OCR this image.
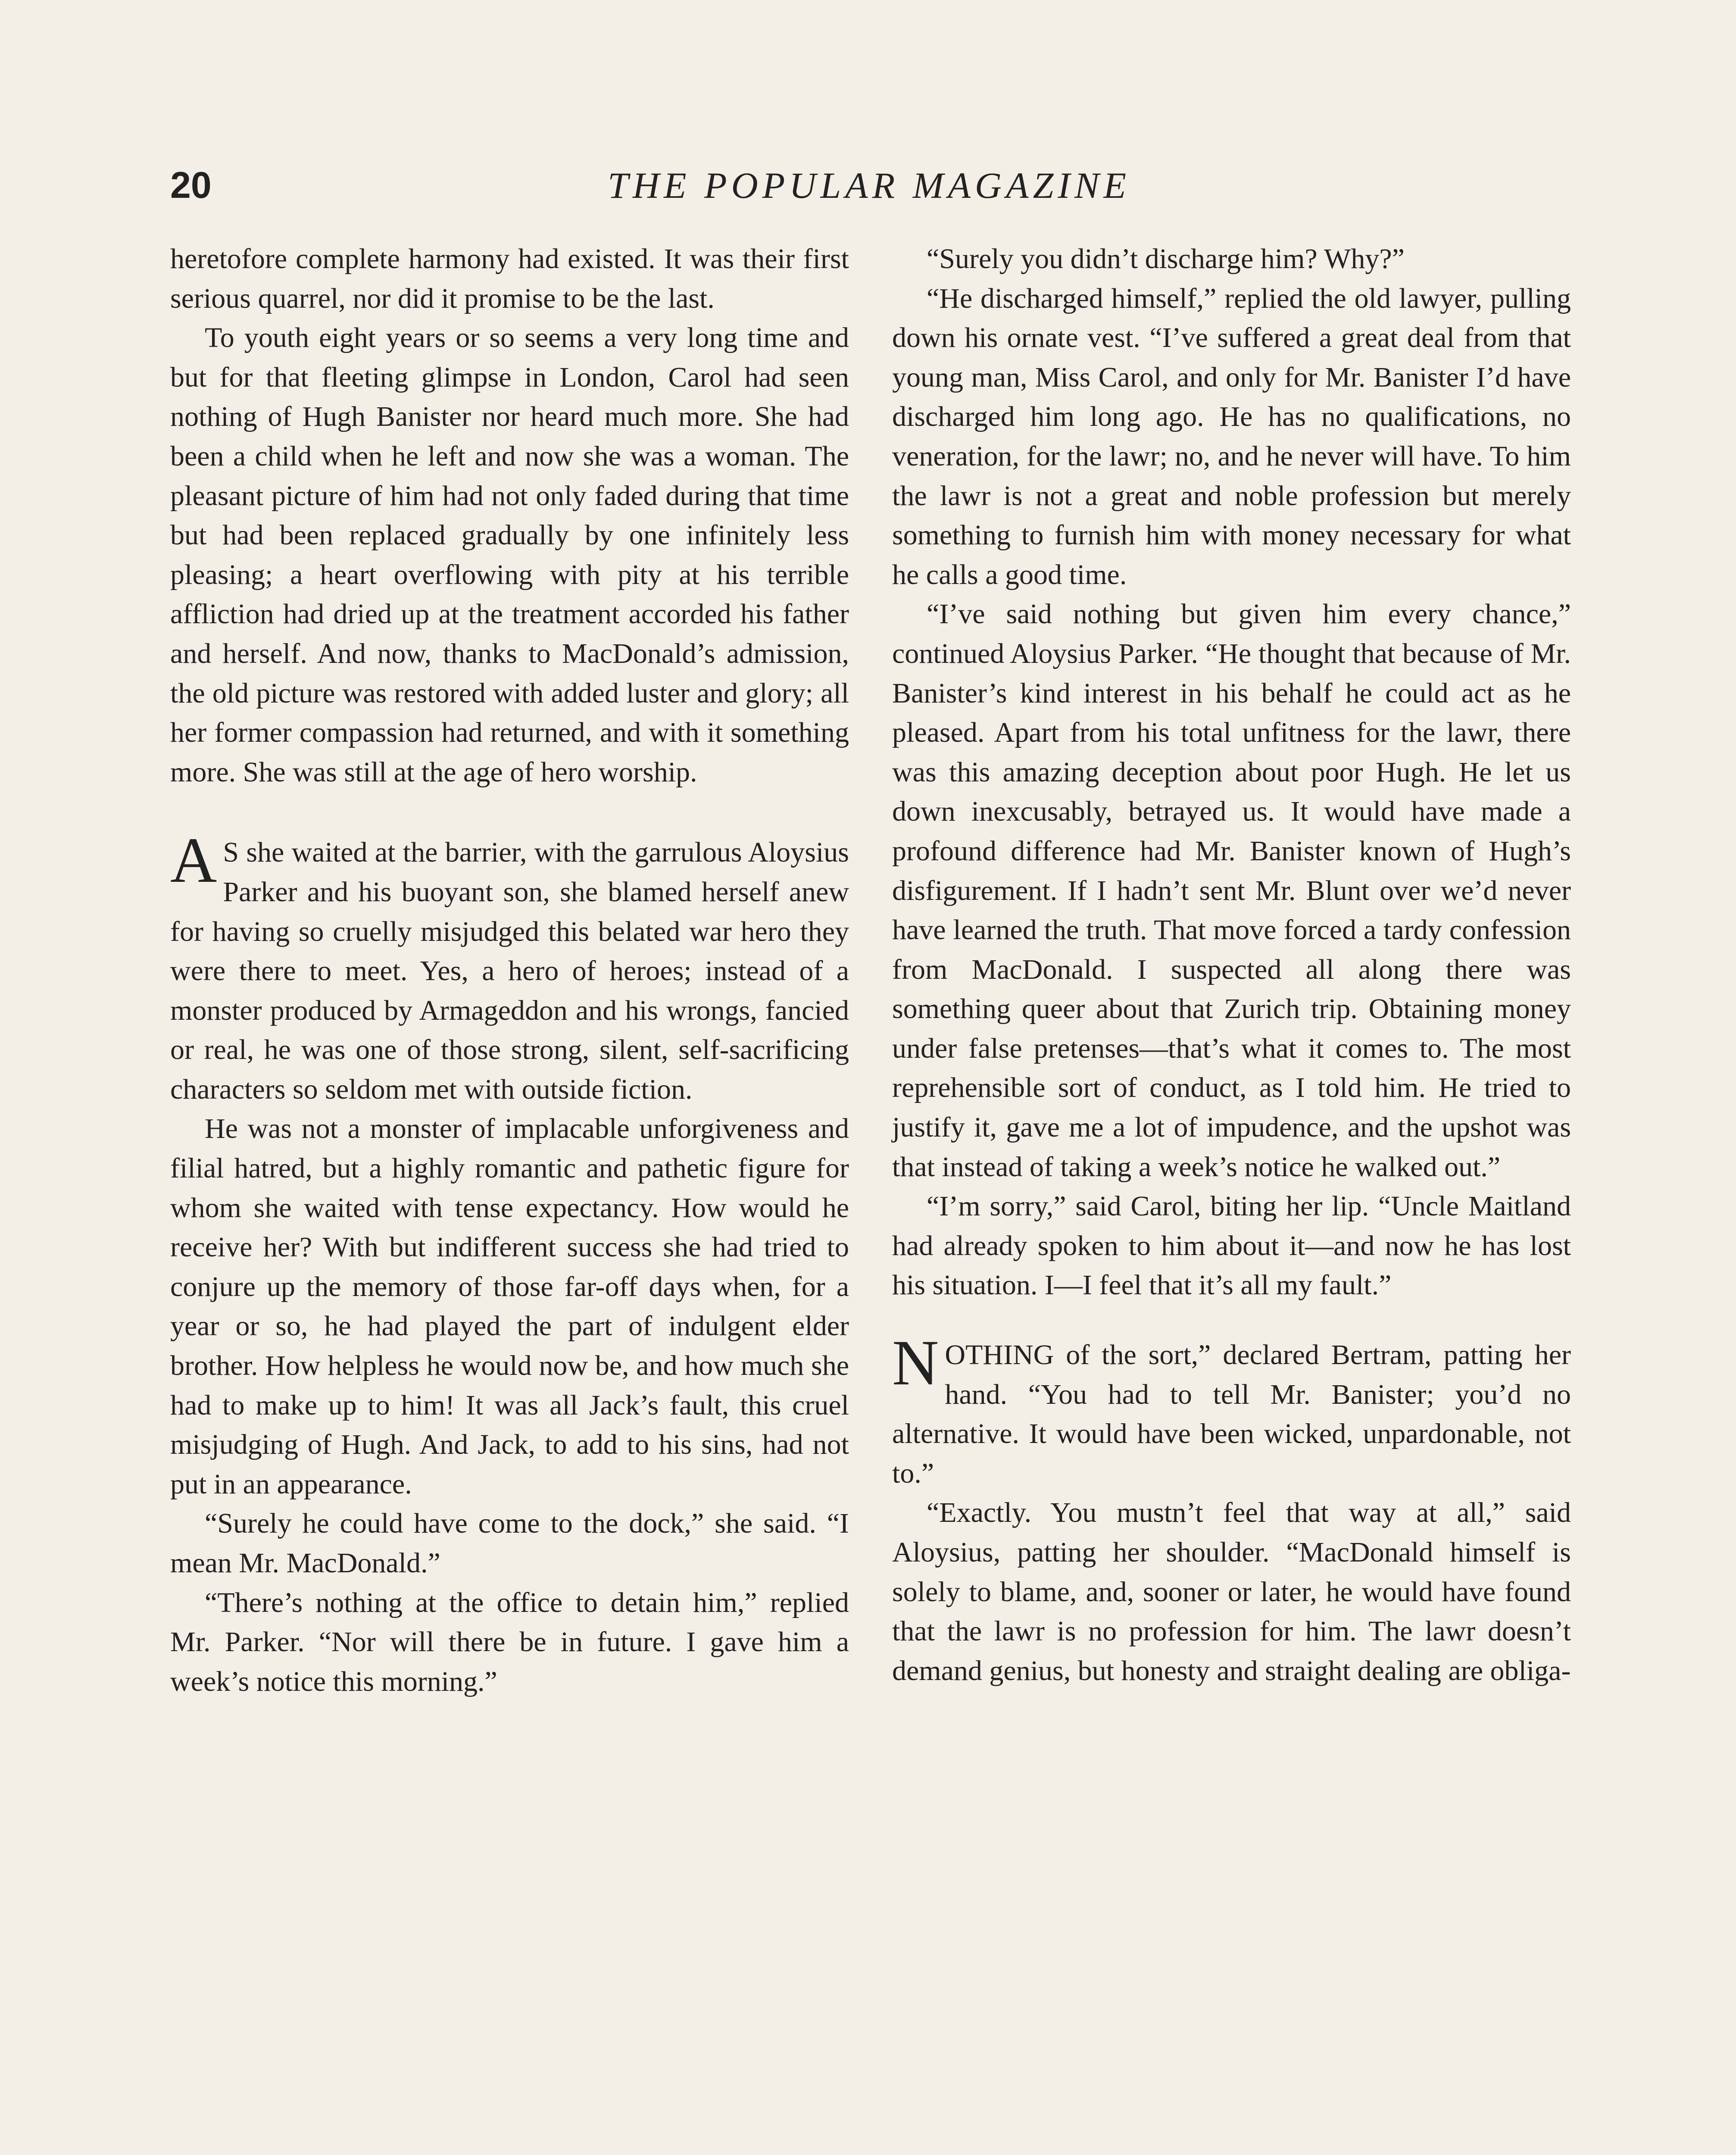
20	THE POPULAR MAGAZINE

heretofore complete harmony had existed. It was their first serious quarrel, nor did it promise to be the last.

To youth eight years or so seems a very long time and but for that fleeting glimpse in London, Carol had seen nothing of Hugh Banister nor heard much more. She had been a child when he left and now she was a woman. The pleasant picture of him had not only faded during that time but had been replaced gradually by one infinitely less pleasing; a heart overflowing with pity at his terrible affliction had dried up at the treatment accorded his father and herself. And now, thanks to MacDonald’s admission, the old picture was restored with added luster and glory; all her former compassion had returned, and with it something more. She was still at the age of hero worship.

A S she waited at the barrier, with the garrulous Aloysius Parker and his buoyant son, she blamed herself anew for having so cruelly misjudged this belated war hero they were there to meet. Yes, a hero of heroes; instead of a monster produced by Armageddon and his wrongs, fancied or real, he was one of those strong, silent, self-sacrificing characters so seldom met with outside fiction.

He was not a monster of implacable unforgiveness and filial hatred, but a highly romantic and pathetic figure for whom she waited with tense expectancy. How would he receive her? With but indifferent success she had tried to conjure up the memory of those far-off days when, for a year or so, he had played the part of indulgent elder brother. How helpless he would now be, and how much she had to make up to him! It was all Jack’s fault, this cruel misjudging of Hugh. And Jack, to add to his sins, had not put in an appearance.

“Surely he could have come to the dock,” she said. “I mean Mr. MacDonald.”

“There’s nothing at the office to detain him,” replied Mr. Parker. “Nor will there be in future. I gave him a week’s notice this morning.”

“Surely you didn’t discharge him? Why?”

“He discharged himself,” replied the old lawyer, pulling down his ornate vest. “I’ve suffered a great deal from that young man, Miss Carol, and only for Mr. Banister I’d have discharged him long ago. He has no qualifications, no veneration, for the lawr; no, and he never will have. To him the lawr is not a great and noble profession but merely something to furnish him with money necessary for what he calls a good time.

“I’ve said nothing but given him every chance,” continued Aloysius Parker. “He thought that because of Mr. Banister’s kind interest in his behalf he could act as he pleased. Apart from his total unfitness for the lawr, there was this amazing deception about poor Hugh. He let us down inexcusably, betrayed us. It would have made a profound difference had Mr. Banister known of Hugh’s disfigurement. If I hadn’t sent Mr. Blunt over we’d never have learned the truth. That move forced a tardy confession from MacDonald. I suspected all along there was something queer about that Zurich trip. Obtaining money under false pretenses—that’s what it comes to. The most reprehensible sort of conduct, as I told him. He tried to justify it, gave me a lot of impudence, and the upshot was that instead of taking a week’s notice he walked out.”

“I’m sorry,” said Carol, biting her lip. “Uncle Maitland had already spoken to him about it—and now he has lost his situation. I—I feel that it’s all my fault.”

NOTHING of the sort,” declared Bertram, patting her hand. “You had to tell Mr. Banister; you’d no alternative. It would have been wicked, unpardonable, not to.”

“Exactly. You mustn’t feel that way at all,” said Aloysius, patting her shoulder. “MacDonald himself is solely to blame, and, sooner or later, he would have found that the lawr is no profession for him. The lawr doesn’t demand genius, but honesty and straight dealing are obliga-
